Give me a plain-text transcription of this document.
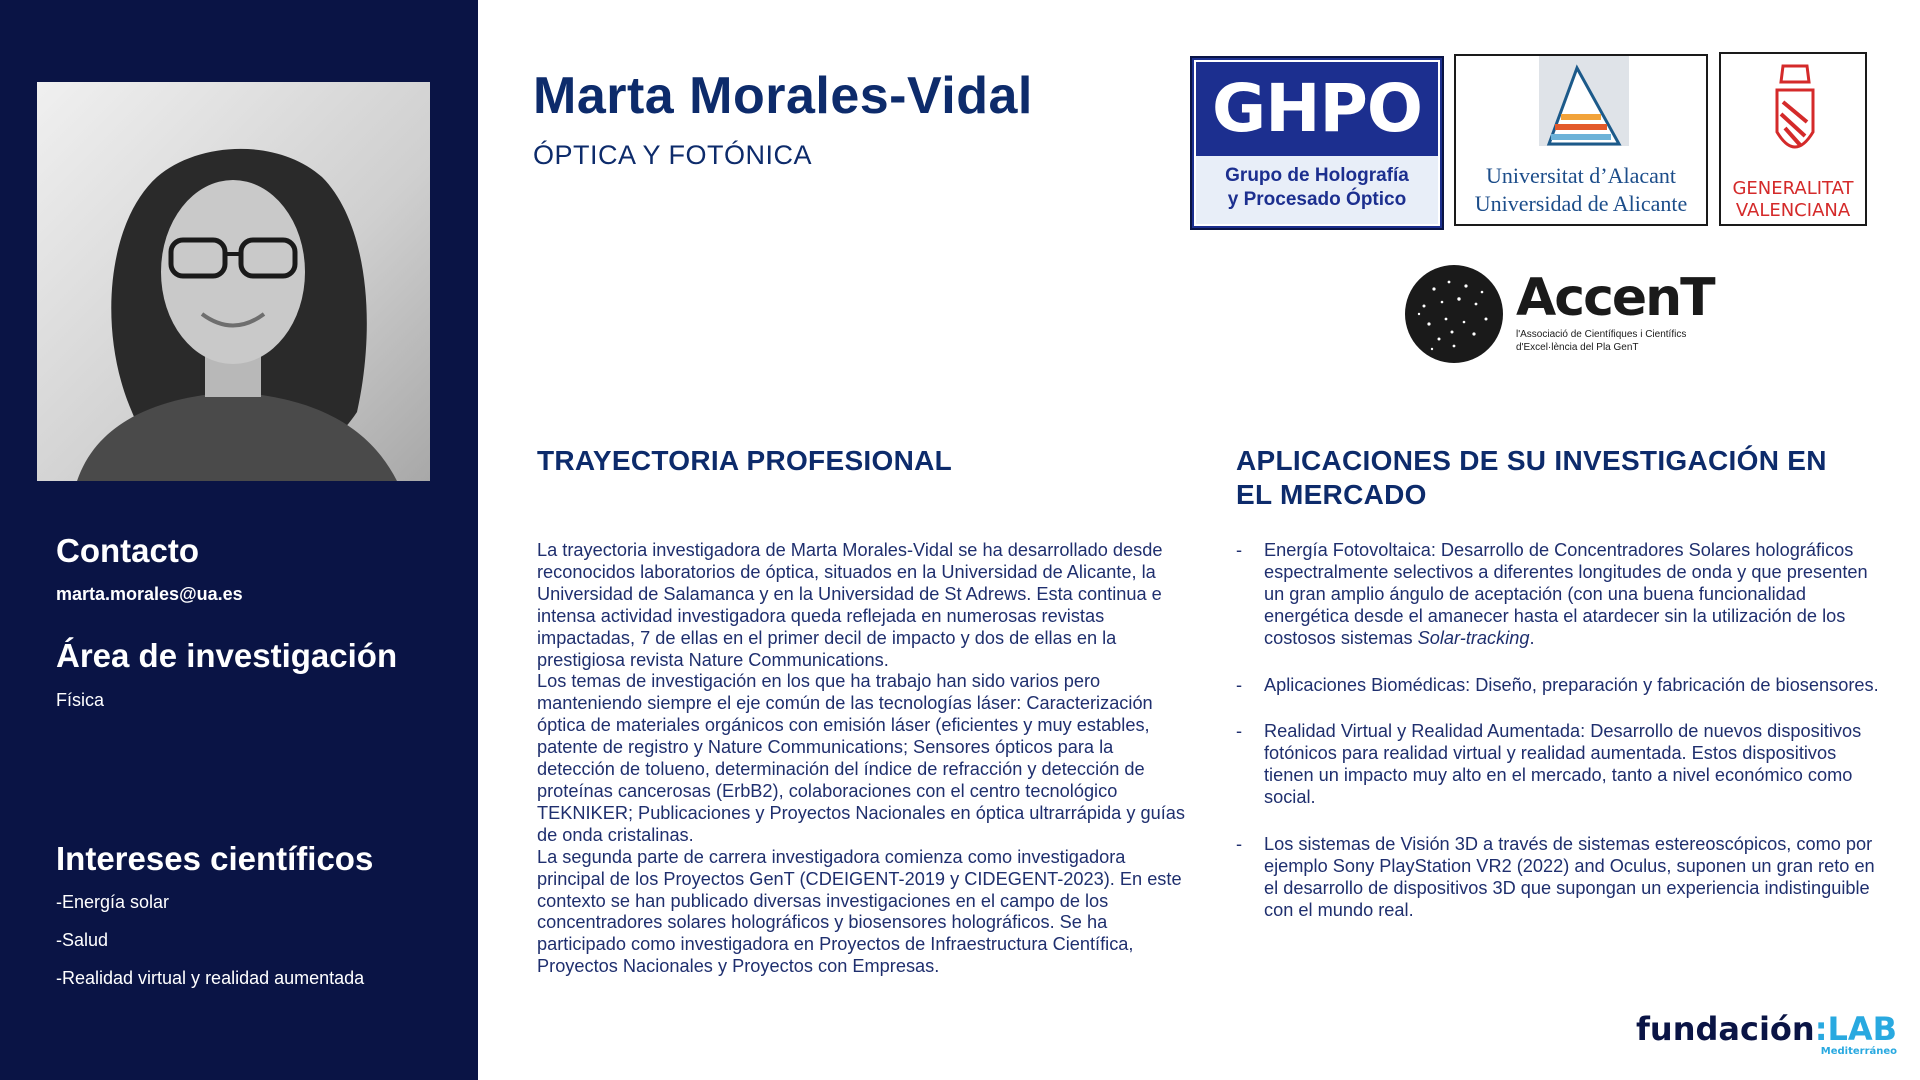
Contacto
marta.morales@ua.es
Área de investigación
Física
Intereses científicos
-Energía solar
-Salud
-Realidad virtual y realidad aumentada
Marta Morales-Vidal
ÓPTICA Y FOTÓNICA
GHPO
Grupo de Holografía
y Procesado Óptico
Universitat d’Alacant
Universidad de Alicante
GENERALITAT
VALENCIANA
AccenT
l'Associació de Científiques i Científics
d'Excel·lència del Pla GenT
TRAYECTORIA PROFESIONAL

La trayectoria investigadora de Marta Morales-Vidal se ha desarrollado desde reconocidos laboratorios de óptica, situados en la Universidad de Alicante, la Universidad de Salamanca y en la Universidad de St Adrews. Esta continua e intensa actividad investigadora queda reflejada en numerosas revistas impactadas, 7 de ellas en el primer decil de impacto y dos de ellas en la prestigiosa revista Nature Communications.

Los temas de investigación en los que ha trabajo han sido varios pero manteniendo siempre el eje común de las tecnologías láser: Caracterización óptica de materiales orgánicos con emisión láser (eficientes y muy estables, patente de registro y Nature Communications; Sensores ópticos para la detección de tolueno, determinación del índice de refracción y detección de proteínas cancerosas (ErbB2), colaboraciones con el centro tecnológico TEKNIKER; Publicaciones y Proyectos Nacionales en óptica ultrarrápida y guías de onda cristalinas.

La segunda parte de carrera investigadora comienza como investigadora principal de los Proyectos GenT (CDEIGENT-2019 y CIDEGENT-2023). En este contexto se han publicado diversas investigaciones en el campo de los concentradores solares holográficos y biosensores holográficos. Se ha participado como investigadora en Proyectos de Infraestructura Científica, Proyectos Nacionales y Proyectos con Empresas.

APLICACIONES DE SU INVESTIGACIÓN EN
EL MERCADO
- Energía Fotovoltaica: Desarrollo de Concentradores Solares holográficos espectralmente selectivos a diferentes longitudes de onda y que presenten un gran amplio ángulo de aceptación (con una buena funcionalidad energética desde el amanecer hasta el atardecer sin la utilización de los costosos sistemas Solar-tracking.
- Aplicaciones Biomédicas: Diseño, preparación y fabricación de biosensores.
- Realidad Virtual y Realidad Aumentada: Desarrollo de nuevos dispositivos fotónicos para realidad virtual y realidad aumentada. Estos dispositivos tienen un impacto muy alto en el mercado, tanto a nivel económico como social.
- Los sistemas de Visión 3D a través de sistemas estereoscópicos, como por ejemplo Sony PlayStation VR2 (2022) and Oculus, suponen un gran reto en el desarrollo de dispositivos 3D que supongan un experiencia indistinguible con el mundo real.
fundación:LAB
Mediterráneo
